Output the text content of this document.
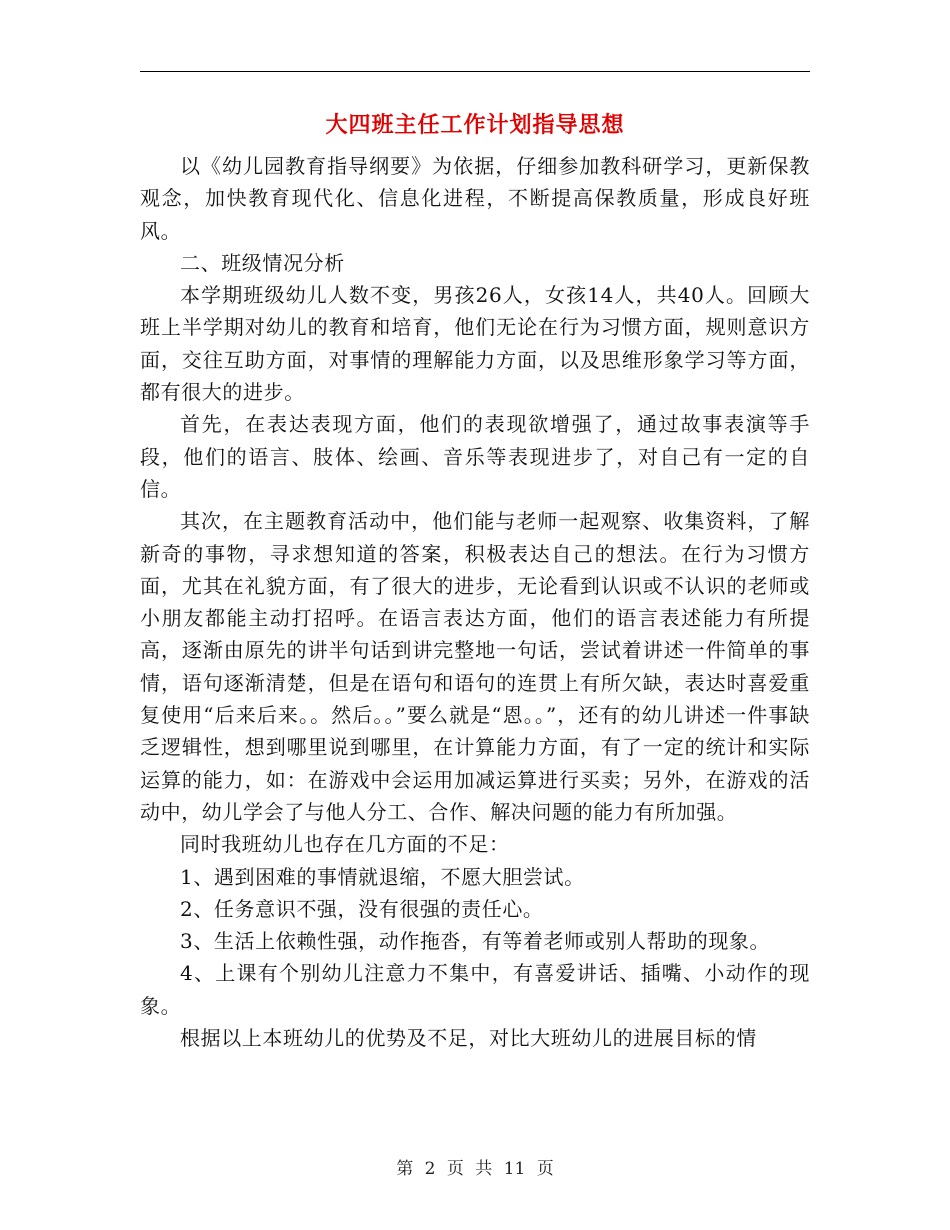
大四班主任工作计划指导思想

以《幼儿园教育指导纲要》为依据，仔细参加教科研学习，更新保教观念，加快教育现代化、信息化进程，不断提高保教质量，形成良好班风。

二、班级情况分析

本学期班级幼儿人数不变，男孩26人，女孩14人，共40人。回顾大班上半学期对幼儿的教育和培育，他们无论在行为习惯方面，规则意识方面，交往互助方面，对事情的理解能力方面，以及思维形象学习等方面，都有很大的进步。

首先，在表达表现方面，他们的表现欲增强了，通过故事表演等手段，他们的语言、肢体、绘画、音乐等表现进步了，对自己有一定的自信。

其次，在主题教育活动中，他们能与老师一起观察、收集资料，了解新奇的事物，寻求想知道的答案，积极表达自己的想法。在行为习惯方面，尤其在礼貌方面，有了很大的进步，无论看到认识或不认识的老师或小朋友都能主动打招呼。在语言表达方面，他们的语言表述能力有所提高，逐渐由原先的讲半句话到讲完整地一句话，尝试着讲述一件简单的事情，语句逐渐清楚，但是在语句和语句的连贯上有所欠缺，表达时喜爱重复使用“后来后来。。然后。。”要么就是“恩。。”，还有的幼儿讲述一件事缺乏逻辑性，想到哪里说到哪里，在计算能力方面，有了一定的统计和实际运算的能力，如：在游戏中会运用加减运算进行买卖；另外，在游戏的活动中，幼儿学会了与他人分工、合作、解决问题的能力有所加强。

同时我班幼儿也存在几方面的不足：

1、遇到困难的事情就退缩，不愿大胆尝试。

2、任务意识不强，没有很强的责任心。

3、生活上依赖性强，动作拖沓，有等着老师或别人帮助的现象。

4、上课有个别幼儿注意力不集中，有喜爱讲话、插嘴、小动作的现象。

根据以上本班幼儿的优势及不足，对比大班幼儿的进展目标的情

第 2 页 共 11 页
